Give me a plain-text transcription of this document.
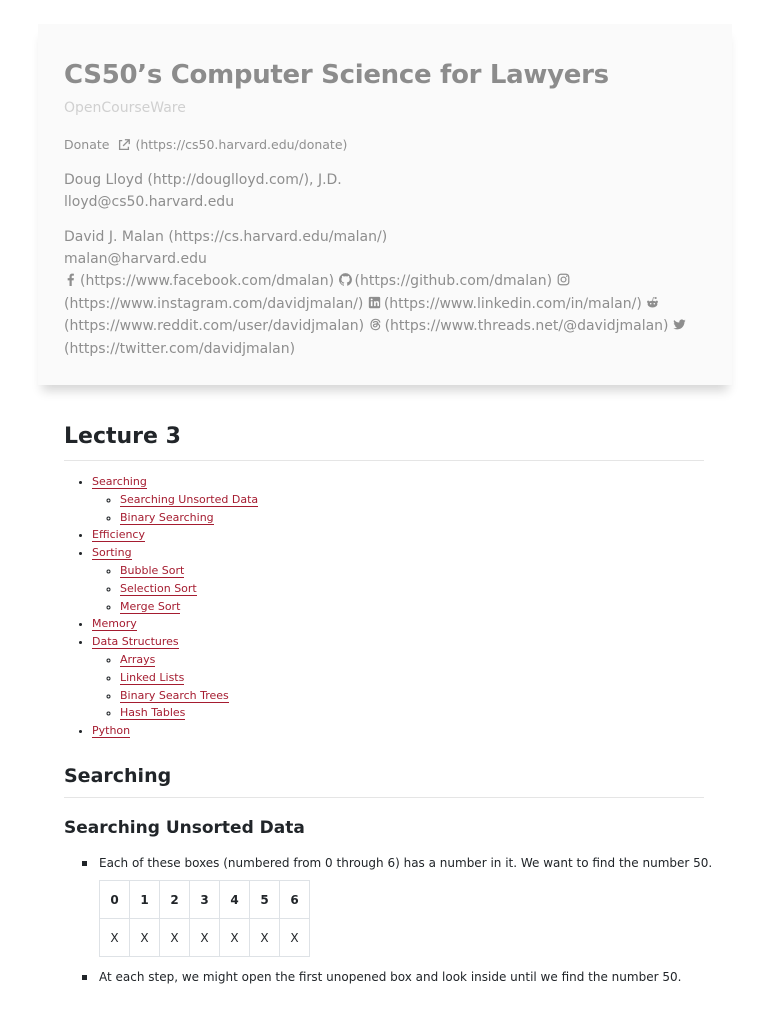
CS50’s Computer Science for Lawyers
OpenCourseWare
Donate (https://cs50.harvard.edu/donate)
Doug Lloyd (http://douglloyd.com/), J.D.
lloyd@cs50.harvard.edu
David J. Malan (https://cs.harvard.edu/malan/)
malan@harvard.edu
(https://www.facebook.com/dmalan) (https://github.com/dmalan) (https://www.instagram.com/davidjmalan/) (https://www.linkedin.com/in/malan/) (https://www.reddit.com/user/davidjmalan) (https://www.threads.net/@davidjmalan) (https://twitter.com/davidjmalan)
Lecture 3
• Searching
◦ Searching Unsorted Data
◦ Binary Searching
• Efficiency
• Sorting
◦ Bubble Sort
◦ Selection Sort
◦ Merge Sort
• Memory
• Data Structures
◦ Arrays
◦ Linked Lists
◦ Binary Search Trees
◦ Hash Tables
• Python
Searching
Searching Unsorted Data
Each of these boxes (numbered from 0 through 6) has a number in it. We want to find the number 50.
0	1	2	3	4	5	6
X	X	X	X	X	X	X
At each step, we might open the first unopened box and look inside until we find the number 50.
